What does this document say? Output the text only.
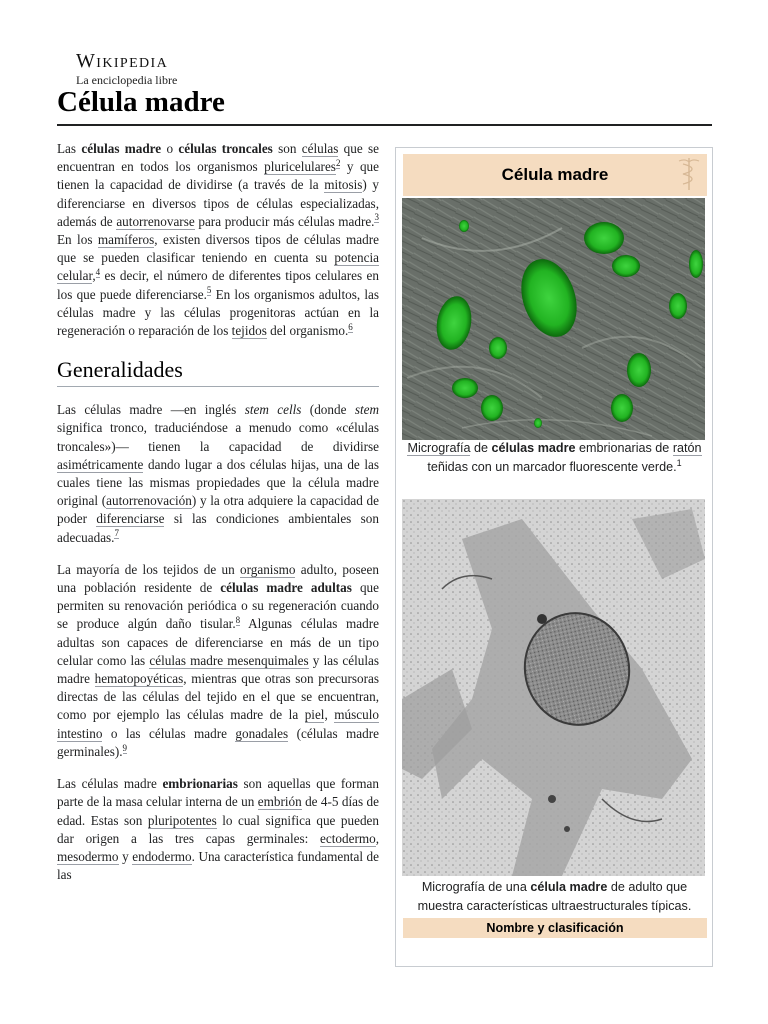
Wikipedia
La enciclopedia libre
Célula madre

Las células madre o células troncales son células que se encuentran en todos los organismos pluricelulares$^2$ y que tienen la capacidad de dividirse (a través de la mitosis) y diferenciarse en diversos tipos de células especializadas, además de autorrenovarse para producir más células madre.$^3$ En los mamíferos, existen diversos tipos de células madre que se pueden clasificar teniendo en cuenta su potencia celular,$^4$ es decir, el número de diferentes tipos celulares en los que puede diferenciarse.$^5$ En los organismos adultos, las células madre y las células progenitoras actúan en la regeneración o reparación de los tejidos del organismo.$^6$

Generalidades

Las células madre —en inglés stem cells (donde stem significa tronco, traduciéndose a menudo como «células troncales»)— tienen la capacidad de dividirse asimétricamente dando lugar a dos células hijas, una de las cuales tiene las mismas propiedades que la célula madre original (autorrenovación) y la otra adquiere la capacidad de poder diferenciarse si las condiciones ambientales son adecuadas.$^7$

La mayoría de los tejidos de un organismo adulto, poseen una población residente de células madre adultas que permiten su renovación periódica o su regeneración cuando se produce algún daño tisular.$^8$ Algunas células madre adultas son capaces de diferenciarse en más de un tipo celular como las células madre mesenquimales y las células madre hematopoyéticas, mientras que otras son precursoras directas de las células del tejido en el que se encuentran, como por ejemplo las células madre de la piel, músculo intestino o las células madre gonadales (células madre germinales).$^9$

Las células madre embrionarias son aquellas que forman parte de la masa celular interna de un embrión de 4-5 días de edad. Estas son pluripotentes lo cual significa que pueden dar origen a las tres capas germinales: ectodermo, mesodermo y endodermo. Una característica fundamental de las

Célula madre
Micrografía de células madre embrionarias de ratón teñidas con un marcador fluorescente verde.$^1$
Micrografía de una célula madre de adulto que muestra características ultraestructurales típicas.
Nombre y clasificación
